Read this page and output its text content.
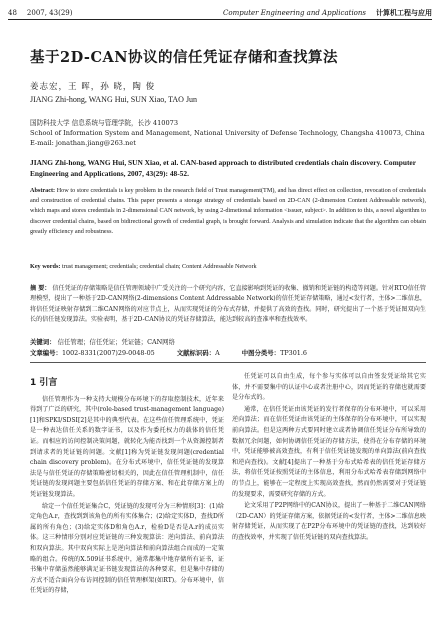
48 2007, 43(29)	Computer Engineering and Applications 计算机工程与应用
基于2D-CAN协议的信任凭证存储和查找算法
姜志宏，王 晖，孙 晓，陶 俊
JIANG Zhi-hong, WANG Hui, SUN Xiao, TAO Jun
国防科技大学 信息系统与管理学院，长沙 410073
School of Information System and Management, National University of Defense Technology, Changsha 410073, China
E-mail: jonathan.jiang@263.net
JIANG Zhi-hong, WANG Hui, SUN Xiao, et al. CAN-based approach to distributed credentials chain discovery. Computer Engineering and Applications, 2007, 43(29): 48-52.
Abstract: How to store credentials is key problem in the research field of Trust management(TM), and has direct effect on collection, revocation of credentials and construction of credential chains. This paper presents a storage strategy of credentials based on 2D-CAN (2-dimension Content Addressable network), which maps and stores credentials in 2-dimensional CAN network, by using 2-dimetional information <issuer, subject>. In addition to this, a novel algorithm to discover credential chains, based on bidirectional growth of credential graph, is brought forward. Analysis and simulation indicate that the algorithm can obtain greatly efficiency and robustness.
Key words: trust management; credentials; credential chain; Content Addressable Network
摘 要： 信任凭证的存储策略是信任管理领域中广受关注的一个研究内容，它直接影响到凭证的收集、撤销和凭证链的构造等问题。针对RTO信任管理模型，提出了一种基于2D-CAN网络(2-dimensions Content Addressable Network)的信任凭证存储策略，通过<发行者，主体>二维信息，将信任凭证映射存储到二维CAN网络的对应节点上，从而实现凭证的分布式存储，并提供了高效的查找。同时，研究提出了一个基于凭证图双向生长的信任链发现算法。实验表明，基于2D-CAN协议的凭证存储算法，能达到较高的查准率和查找效率。
关键词： 信任管理；信任凭证；凭证链；CAN网络
文章编号：1002-8331(2007)29-0048-05	文献标识码：A	中图分类号：TP301.6
1 引言

信任管理作为一种支持大规模分布环境下的存取控制技术，近年来得到了广泛的研究，其中(role-based trust-management language)[1]和SPKI/SDSI[2]是其中的典型代表。在这些信任管理系统中，凭证是一种表达信任关系的数字证书，以及作为委托权力的载体的信任凭证。而相应的访问控制决策问题，就转化为能否找到一个从资源控制者到请求者的凭证链的问题。文献[1]称为凭证链发现问题(credential chain discovery problem)。在分布式环境中，信任凭证链的发现算法是与信任凭证的存储策略密切相关的，因此在信任管理机制中，信任凭证链的发现问题主要包括信任凭证的存储方案、和在此存储方案上的凭证链发现算法。

给定一个信任凭证集合C，凭证链的发现可分为三种情形[3]：(1)给定角色A.r，查找到到该角色的所有实体集合；(2)给定实体D，查找D所属的所有角色；(3)给定实体D和角色A.r，检验D是否是A.r的成员实体。这三种情形分别对应凭证链的三种发现算法：逆向算法、前向算法和双向算法。其中双向实际上是逆向算法和前向算法组合而成的一定策略的组合。传统的X.509证书系统中，通常都集中地存储所有证书，证书集中存储虽然能够满足证书链发现算法的各种要求，但是集中存储的方式不适合面向分布访问控制的信任管理框架(如RT)。分布环境中，信任凭证的存储，

任凭证可以自由生成，每个参与实体可以自由签发凭证给其它实体，并不需要集中的认证中心或者注册中心，因而凭证的存储也就需要是分布式的。

通常，在信任凭证由该凭证的发行者保存的分布环境中，可以采用逆向算法；而在信任凭证由该凭证的主体保存的分布环境中，可以实现前向算法。但是这两种方式要同时建立或者协调信任凭证分布所导致的数据冗余问题，如何协调信任凭证的存储方法，使得在分布存储的环境中，凭证能够被高效查找，有利于信任凭证链发现的单向算法(前向查找和逆向查找)。文献[4]提出了一种基于分布式哈希表的信任凭证存储方法，将信任凭证按照凭证的主体信息，利用分布式哈希表存储到网络中的节点上，能够在一定程度上实现高效查找，然而仍然需要对于凭证链的发现要求，需要研究存储的方式。

论文采用了P2P网络中的CAN协议，提出了一种基于二维CAN网络（2D-CAN）的凭证存储方案，依据凭证的<发行者，主体>二维信息映射存储凭证，从而实现了在P2P分布环境中的凭证链的查找，达到较好的查找效率，并实现了信任凭证链的双向查找算法。
